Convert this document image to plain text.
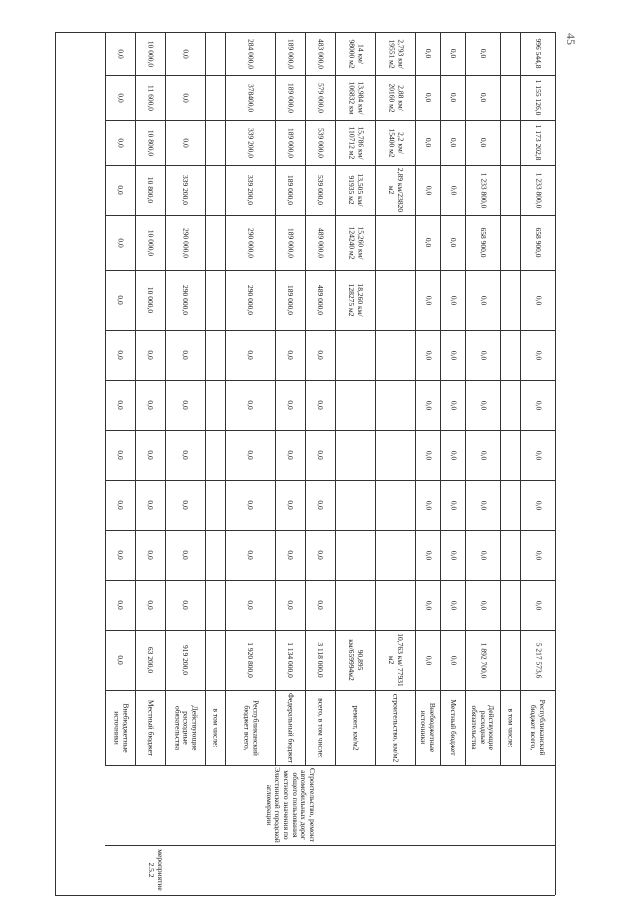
45
Республиканский бюджет всего,
в том числе:
Действующие расходные обязательства
Местный бюджет
Внебюджетные источники
строительство, км/м2
ремонт, км/м2
всего, в том числе:
Федеральный бюджет
Республиканский бюджет всего,
в том числе:
Действующие расходные обязательства
Местный бюджет
Внебюджетные источники
Строительство, ремонт автомобильных дорог общего пользования местного значения по Элистинской городской агломерации
мероприятие 2.5.2
5 217 573,6
0,0
0,0
0,0
0,0
0,0
0,0
0,0
658 900,0
1 233 800,0
1 173 202,8
1 155 126,0
996 544,8
1 892 700,0
0,0
0,0
0,0
0,0
0,0
0,0
0,0
658 900,0
1 233 800,0
0,0
0,0
0,0
0,0
0,0
0,0
0,0
0,0
0,0
0,0
0,0
0,0
0,0
0,0
0,0
0,0
0,0
0,0
0,0
0,0
0,0
0,0
0,0
0,0
0,0
0,0
0,0
0,0
0,0
10,763 км/ 77931 м2
2,89 км/23820 м2
2,2 км/ 15400 м2
2,88 км/ 20160 м2
2,793 км/ 19551 м2
90,895 км/659994м2
18,260 км/ 128275 м2
15,260 км/ 124240 м2
13,505 км/ 91935 м2
15,786 км/ 110712 м2
13,984 км/ 106832 км
14 км/ 98000 м2
3 118 000,0
0,0
0,0
0,0
0,0
0,0
0,0
489 000,0
489 000,0
539 000,0
539 000,0
579 000,0
483 000,0
1 134 000,0
0,0
0,0
0,0
0,0
0,0
0,0
189 000,0
189 000,0
189 000,0
189 000,0
189 000,0
189 000,0
1 920 800,0
0,0
0,0
0,0
0,0
0,0
0,0
290 000,0
290 000,0
339 200,0
339 200,0
378400,0
284 000,0
919 200,0
0,0
0,0
0,0
0,0
0,0
0,0
290 000,0
290 000,0
339 200,0
0,0
0,0
0,0
63 200,0
0,0
0,0
0,0
0,0
0,0
0,0
10 000,0
10 000,0
10 800,0
10 800,0
11 600,0
10 000,0
0,0
0,0
0,0
0,0
0,0
0,0
0,0
0,0
0,0
0,0
0,0
0,0
0,0
